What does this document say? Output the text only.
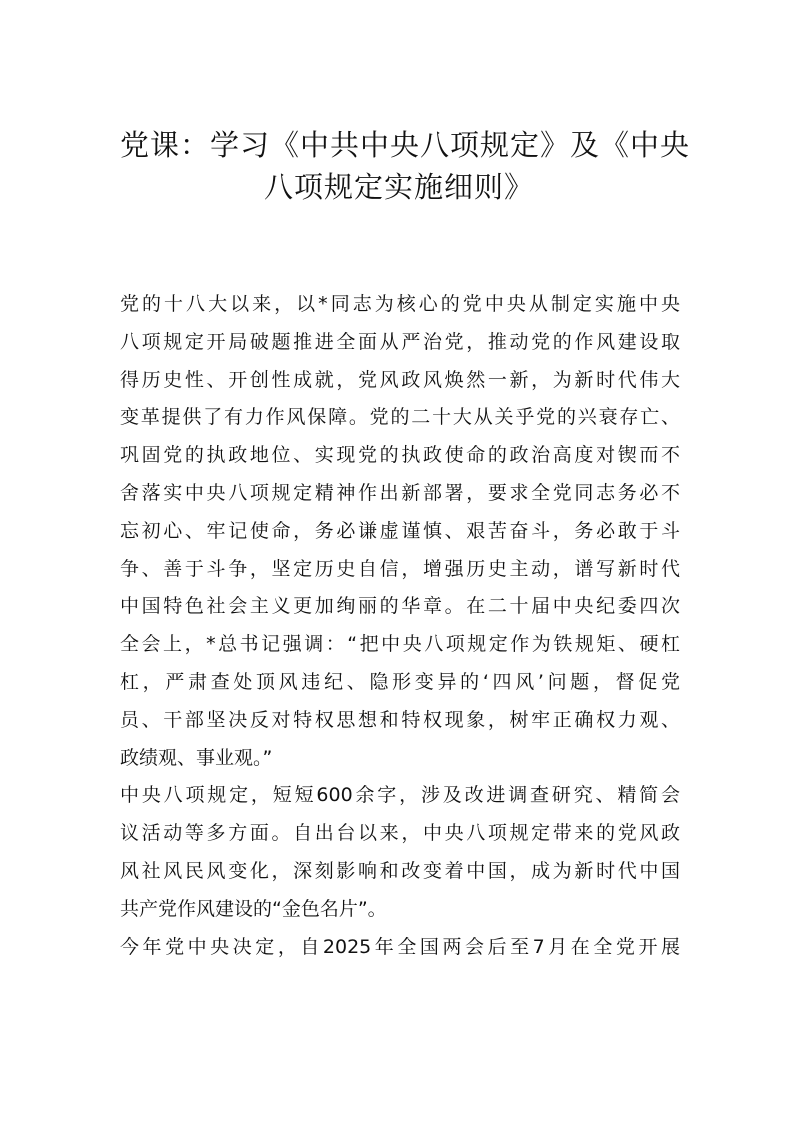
党课：学习《中共中央八项规定》及《中央
八项规定实施细则》
党的十八大以来，以*同志为核心的党中央从制定实施中央
八项规定开局破题推进全面从严治党，推动党的作风建设取
得历史性、开创性成就，党风政风焕然一新，为新时代伟大
变革提供了有力作风保障。党的二十大从关乎党的兴衰存亡、
巩固党的执政地位、实现党的执政使命的政治高度对锲而不
舍落实中央八项规定精神作出新部署，要求全党同志务必不
忘初心、牢记使命，务必谦虚谨慎、艰苦奋斗，务必敢于斗
争、善于斗争，坚定历史自信，增强历史主动，谱写新时代
中国特色社会主义更加绚丽的华章。在二十届中央纪委四次
全会上，*总书记强调：“把中央八项规定作为铁规矩、硬杠
杠，严肃查处顶风违纪、隐形变异的‘四风’问题，督促党
员、干部坚决反对特权思想和特权现象，树牢正确权力观、
政绩观、事业观。”
中央八项规定，短短600余字，涉及改进调查研究、精简会
议活动等多方面。自出台以来，中央八项规定带来的党风政
风社风民风变化，深刻影响和改变着中国，成为新时代中国
共产党作风建设的“金色名片”。
今年党中央决定，自2025年全国两会后至7月在全党开展
